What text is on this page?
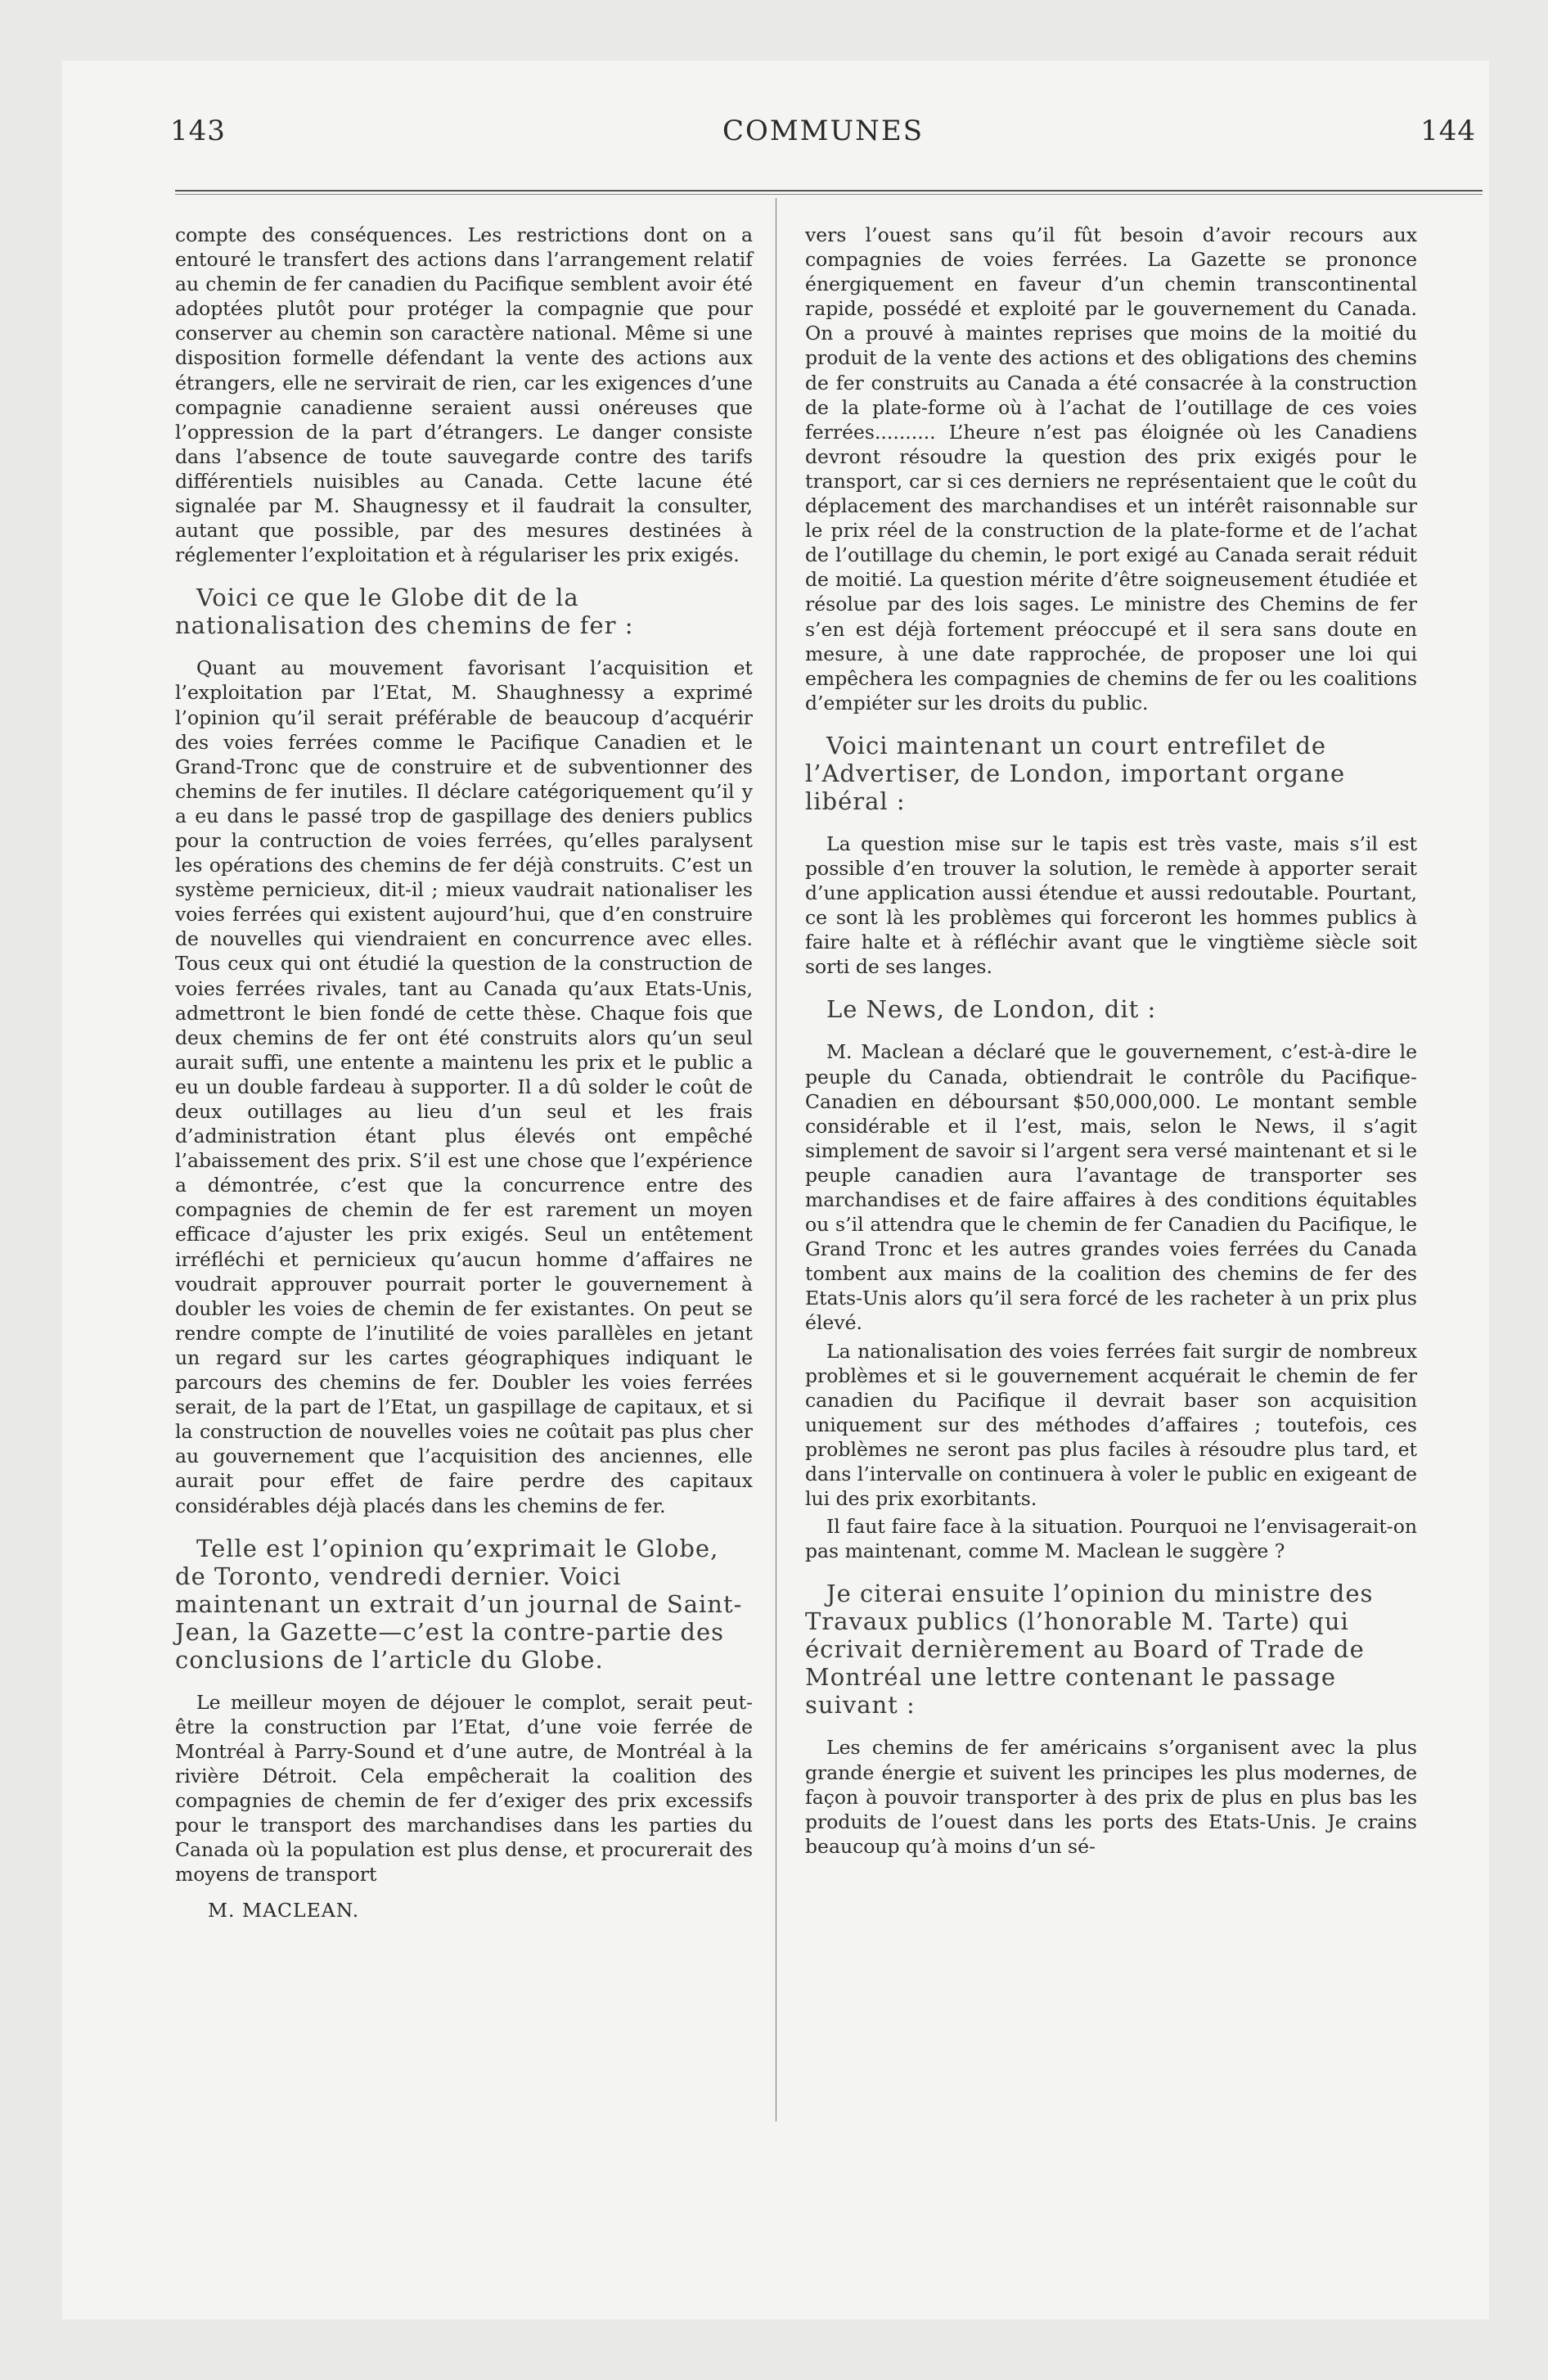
143	COMMUNES	144

compte des conséquences. Les restrictions dont on a entouré le transfert des actions dans l’arrangement relatif au chemin de fer canadien du Pacifique semblent avoir été adoptées plutôt pour protéger la compagnie que pour conserver au chemin son caractère national. Même si une disposition formelle défendant la vente des actions aux étrangers, elle ne servirait de rien, car les exigences d’une compagnie canadienne seraient aussi onéreuses que l’oppression de la part d’étrangers. Le danger consiste dans l’absence de toute sauvegarde contre des tarifs différentiels nuisibles au Canada. Cette lacune été signalée par M. Shaugnessy et il faudrait la consulter, autant que possible, par des mesures destinées à réglementer l’exploitation et à régulariser les prix exigés.

Voici ce que le Globe dit de la nationalisation des chemins de fer :

Quant au mouvement favorisant l’acquisition et l’exploitation par l’Etat, M. Shaughnessy a exprimé l’opinion qu’il serait préférable de beaucoup d’acquérir des voies ferrées comme le Pacifique Canadien et le Grand-Tronc que de construire et de subventionner des chemins de fer inutiles. Il déclare catégoriquement qu’il y a eu dans le passé trop de gaspillage des deniers publics pour la contruction de voies ferrées, qu’elles paralysent les opérations des chemins de fer déjà construits. C’est un système pernicieux, dit-il ; mieux vaudrait nationaliser les voies ferrées qui existent aujourd’hui, que d’en construire de nouvelles qui viendraient en concurrence avec elles. Tous ceux qui ont étudié la question de la construction de voies ferrées rivales, tant au Canada qu’aux Etats-Unis, admettront le bien fondé de cette thèse. Chaque fois que deux chemins de fer ont été construits alors qu’un seul aurait suffi, une entente a maintenu les prix et le public a eu un double fardeau à supporter. Il a dû solder le coût de deux outillages au lieu d’un seul et les frais d’administration étant plus élevés ont empêché l’abaissement des prix. S’il est une chose que l’expérience a démontrée, c’est que la concurrence entre des compagnies de chemin de fer est rarement un moyen efficace d’ajuster les prix exigés. Seul un entêtement irréfléchi et pernicieux qu’aucun homme d’affaires ne voudrait approuver pourrait porter le gouvernement à doubler les voies de chemin de fer existantes. On peut se rendre compte de l’inutilité de voies parallèles en jetant un regard sur les cartes géographiques indiquant le parcours des chemins de fer. Doubler les voies ferrées serait, de la part de l’Etat, un gaspillage de capitaux, et si la construction de nouvelles voies ne coûtait pas plus cher au gouvernement que l’acquisition des anciennes, elle aurait pour effet de faire perdre des capitaux considérables déjà placés dans les chemins de fer.

Telle est l’opinion qu’exprimait le Globe, de Toronto, vendredi dernier. Voici maintenant un extrait d’un journal de Saint-Jean, la Gazette—c’est la contre-partie des conclusions de l’article du Globe.

Le meilleur moyen de déjouer le complot, serait peut-être la construction par l’Etat, d’une voie ferrée de Montréal à Parry-Sound et d’une autre, de Montréal à la rivière Détroit. Cela empêcherait la coalition des compagnies de chemin de fer d’exiger des prix excessifs pour le transport des marchandises dans les parties du Canada où la population est plus dense, et procurerait des moyens de transport

M. MACLEAN.

vers l’ouest sans qu’il fût besoin d’avoir recours aux compagnies de voies ferrées. La Gazette se prononce énergiquement en faveur d’un chemin transcontinental rapide, possédé et exploité par le gouvernement du Canada. On a prouvé à maintes reprises que moins de la moitié du produit de la vente des actions et des obligations des chemins de fer construits au Canada a été consacrée à la construction de la plate-forme où à l’achat de l’outillage de ces voies ferrées.......... L’heure n’est pas éloignée où les Canadiens devront résoudre la question des prix exigés pour le transport, car si ces derniers ne représentaient que le coût du déplacement des marchandises et un intérêt raisonnable sur le prix réel de la construction de la plate-forme et de l’achat de l’outillage du chemin, le port exigé au Canada serait réduit de moitié. La question mérite d’être soigneusement étudiée et résolue par des lois sages. Le ministre des Chemins de fer s’en est déjà fortement préoccupé et il sera sans doute en mesure, à une date rapprochée, de proposer une loi qui empêchera les compagnies de chemins de fer ou les coalitions d’empiéter sur les droits du public.

Voici maintenant un court entrefilet de l’Advertiser, de London, important organe libéral :

La question mise sur le tapis est très vaste, mais s’il est possible d’en trouver la solution, le remède à apporter serait d’une application aussi étendue et aussi redoutable. Pourtant, ce sont là les problèmes qui forceront les hommes publics à faire halte et à réfléchir avant que le vingtième siècle soit sorti de ses langes.

Le News, de London, dit :

M. Maclean a déclaré que le gouvernement, c’est-à-dire le peuple du Canada, obtiendrait le contrôle du Pacifique-Canadien en déboursant $50,000,000. Le montant semble considérable et il l’est, mais, selon le News, il s’agit simplement de savoir si l’argent sera versé maintenant et si le peuple canadien aura l’avantage de transporter ses marchandises et de faire affaires à des conditions équitables ou s’il attendra que le chemin de fer Canadien du Pacifique, le Grand Tronc et les autres grandes voies ferrées du Canada tombent aux mains de la coalition des chemins de fer des Etats-Unis alors qu’il sera forcé de les racheter à un prix plus élevé.

La nationalisation des voies ferrées fait surgir de nombreux problèmes et si le gouvernement acquérait le chemin de fer canadien du Pacifique il devrait baser son acquisition uniquement sur des méthodes d’affaires ; toutefois, ces problèmes ne seront pas plus faciles à résoudre plus tard, et dans l’intervalle on continuera à voler le public en exigeant de lui des prix exorbitants.

Il faut faire face à la situation. Pourquoi ne l’envisagerait-on pas maintenant, comme M. Maclean le suggère ?

Je citerai ensuite l’opinion du ministre des Travaux publics (l’honorable M. Tarte) qui écrivait dernièrement au Board of Trade de Montréal une lettre contenant le passage suivant :

Les chemins de fer américains s’organisent avec la plus grande énergie et suivent les principes les plus modernes, de façon à pouvoir transporter à des prix de plus en plus bas les produits de l’ouest dans les ports des Etats-Unis. Je crains beaucoup qu’à moins d’un sé-
